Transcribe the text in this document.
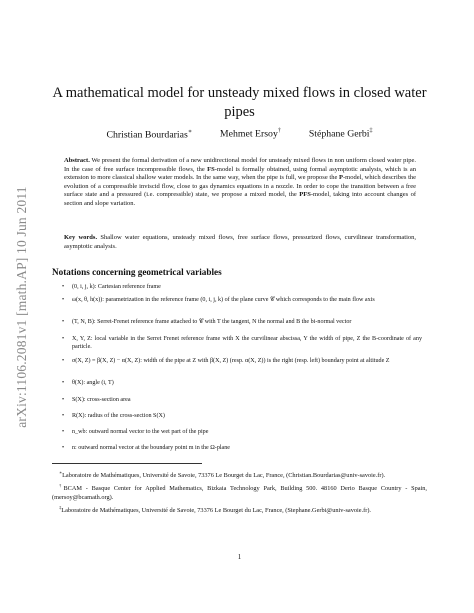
arXiv:1106.2081v1 [math.AP] 10 Jun 2011
A mathematical model for unsteady mixed flows in closed water pipes
Christian Bourdarias∗	Mehmet Ersoy†	Stéphane Gerbi‡

Abstract. We present the formal derivation of a new unidirectional model for unsteady mixed flows in non uniform closed water pipe. In the case of free surface incompressible flows, the FS-model is formally obtained, using formal asymptotic analysis, which is an extension to more classical shallow water models. In the same way, when the pipe is full, we propose the P-model, which describes the evolution of a compressible inviscid flow, close to gas dynamics equations in a nozzle. In order to cope the transition between a free surface state and a pressured (i.e. compressible) state, we propose a mixed model, the PFS-model, taking into account changes of section and slope variation.

Key words. Shallow water equations, unsteady mixed flows, free surface flows, pressurized flows, curvilinear transformation, asymptotic analysis.

Notations concerning geometrical variables
• (0, i, j, k): Cartesian reference frame
• ω(x, θ, h(x)): parametrization in the reference frame (0, i, j, k) of the plane curve 𝒞 which corresponds to the main flow axis
• (T, N, B): Serret-Frenet reference frame attached to 𝒞 with T the tangent, N the normal and B the bi-normal vector
• X, Y, Z: local variable in the Serret Frenet reference frame with X the curvilinear abscissa, Y the width of pipe, Z the B-coordinate of any particle.
• σ(X, Z) = β(X, Z) − α(X, Z): width of the pipe at Z with β(X, Z) (resp. α(X, Z)) is the right (resp. left) boundary point at altitude Z
• θ(X): angle (i, T)
• S(X): cross-section area
• R(X): radius of the cross-section S(X)
• n_wb: outward normal vector to the wet part of the pipe
• n: outward normal vector at the boundary point m in the Ω-plane

∗Laboratoire de Mathématiques, Université de Savoie, 73376 Le Bourget du Lac, France, (Christian.Bourdarias@univ-savoie.fr).

†BCAM - Basque Center for Applied Mathematics, Bizkaia Technology Park, Building 500. 48160 Derio Basque Country - Spain, (mersoy@bcamath.org).

‡Laboratoire de Mathématiques, Université de Savoie, 73376 Le Bourget du Lac, France, (Stephane.Gerbi@univ-savoie.fr).

1
